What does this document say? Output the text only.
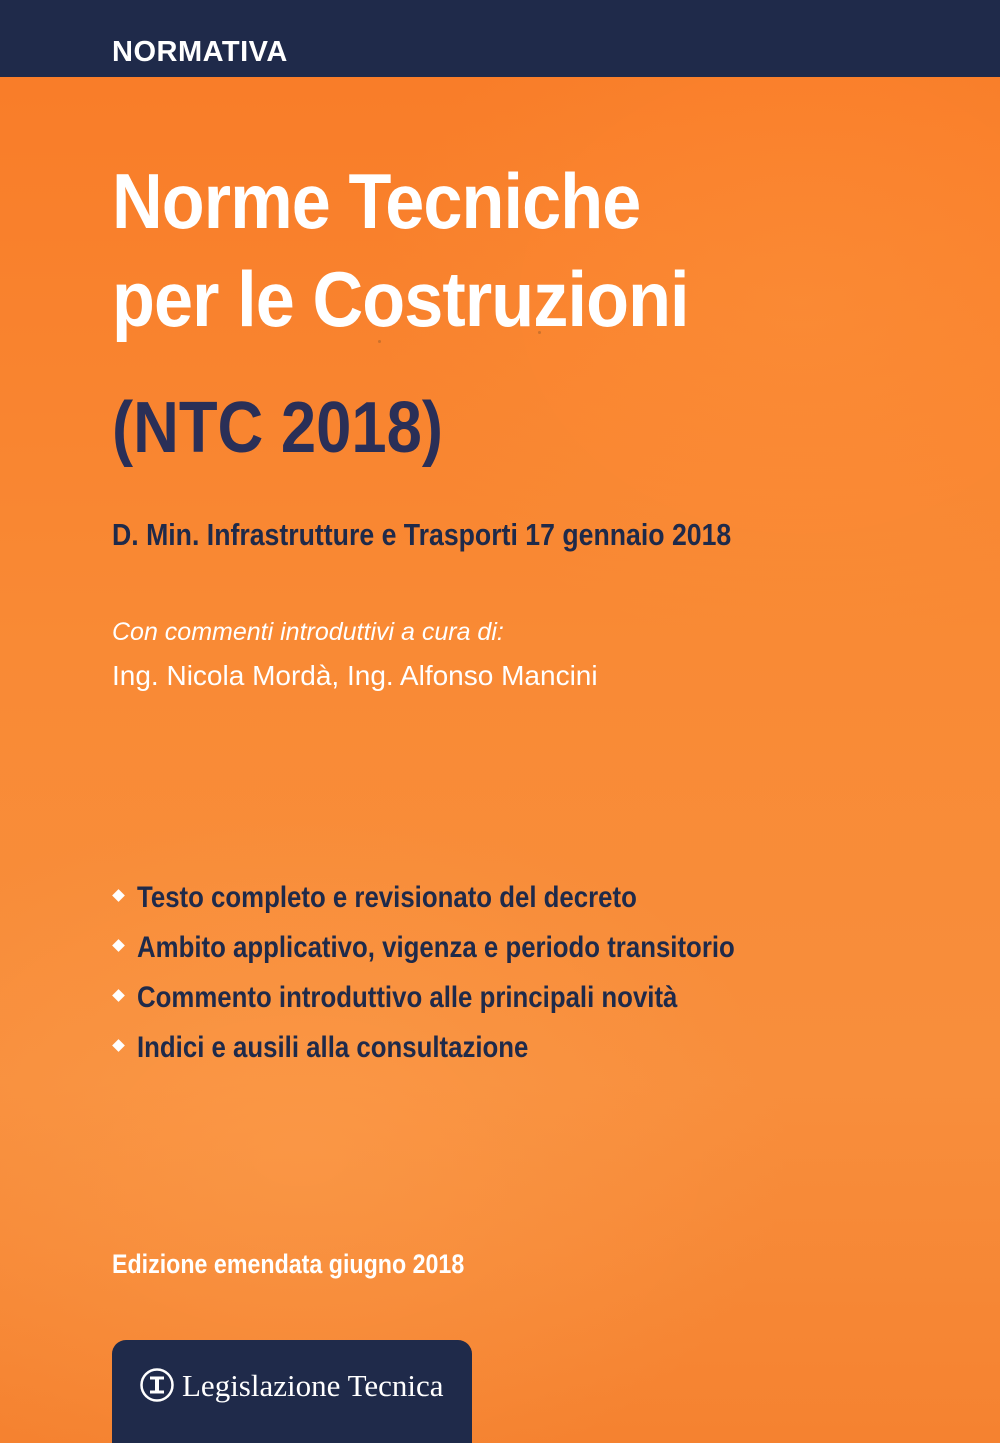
NORMATIVA
Norme Tecniche
per le Costruzioni
(NTC 2018)
D. Min. Infrastrutture e Trasporti 17 gennaio 2018
Con commenti introduttivi a cura di:
Ing. Nicola Mordà, Ing. Alfonso Mancini
Testo completo e revisionato del decreto
Ambito applicativo, vigenza e periodo transitorio
Commento introduttivo alle principali novità
Indici e ausili alla consultazione
Edizione emendata giugno 2018
Legislazione Tecnica
